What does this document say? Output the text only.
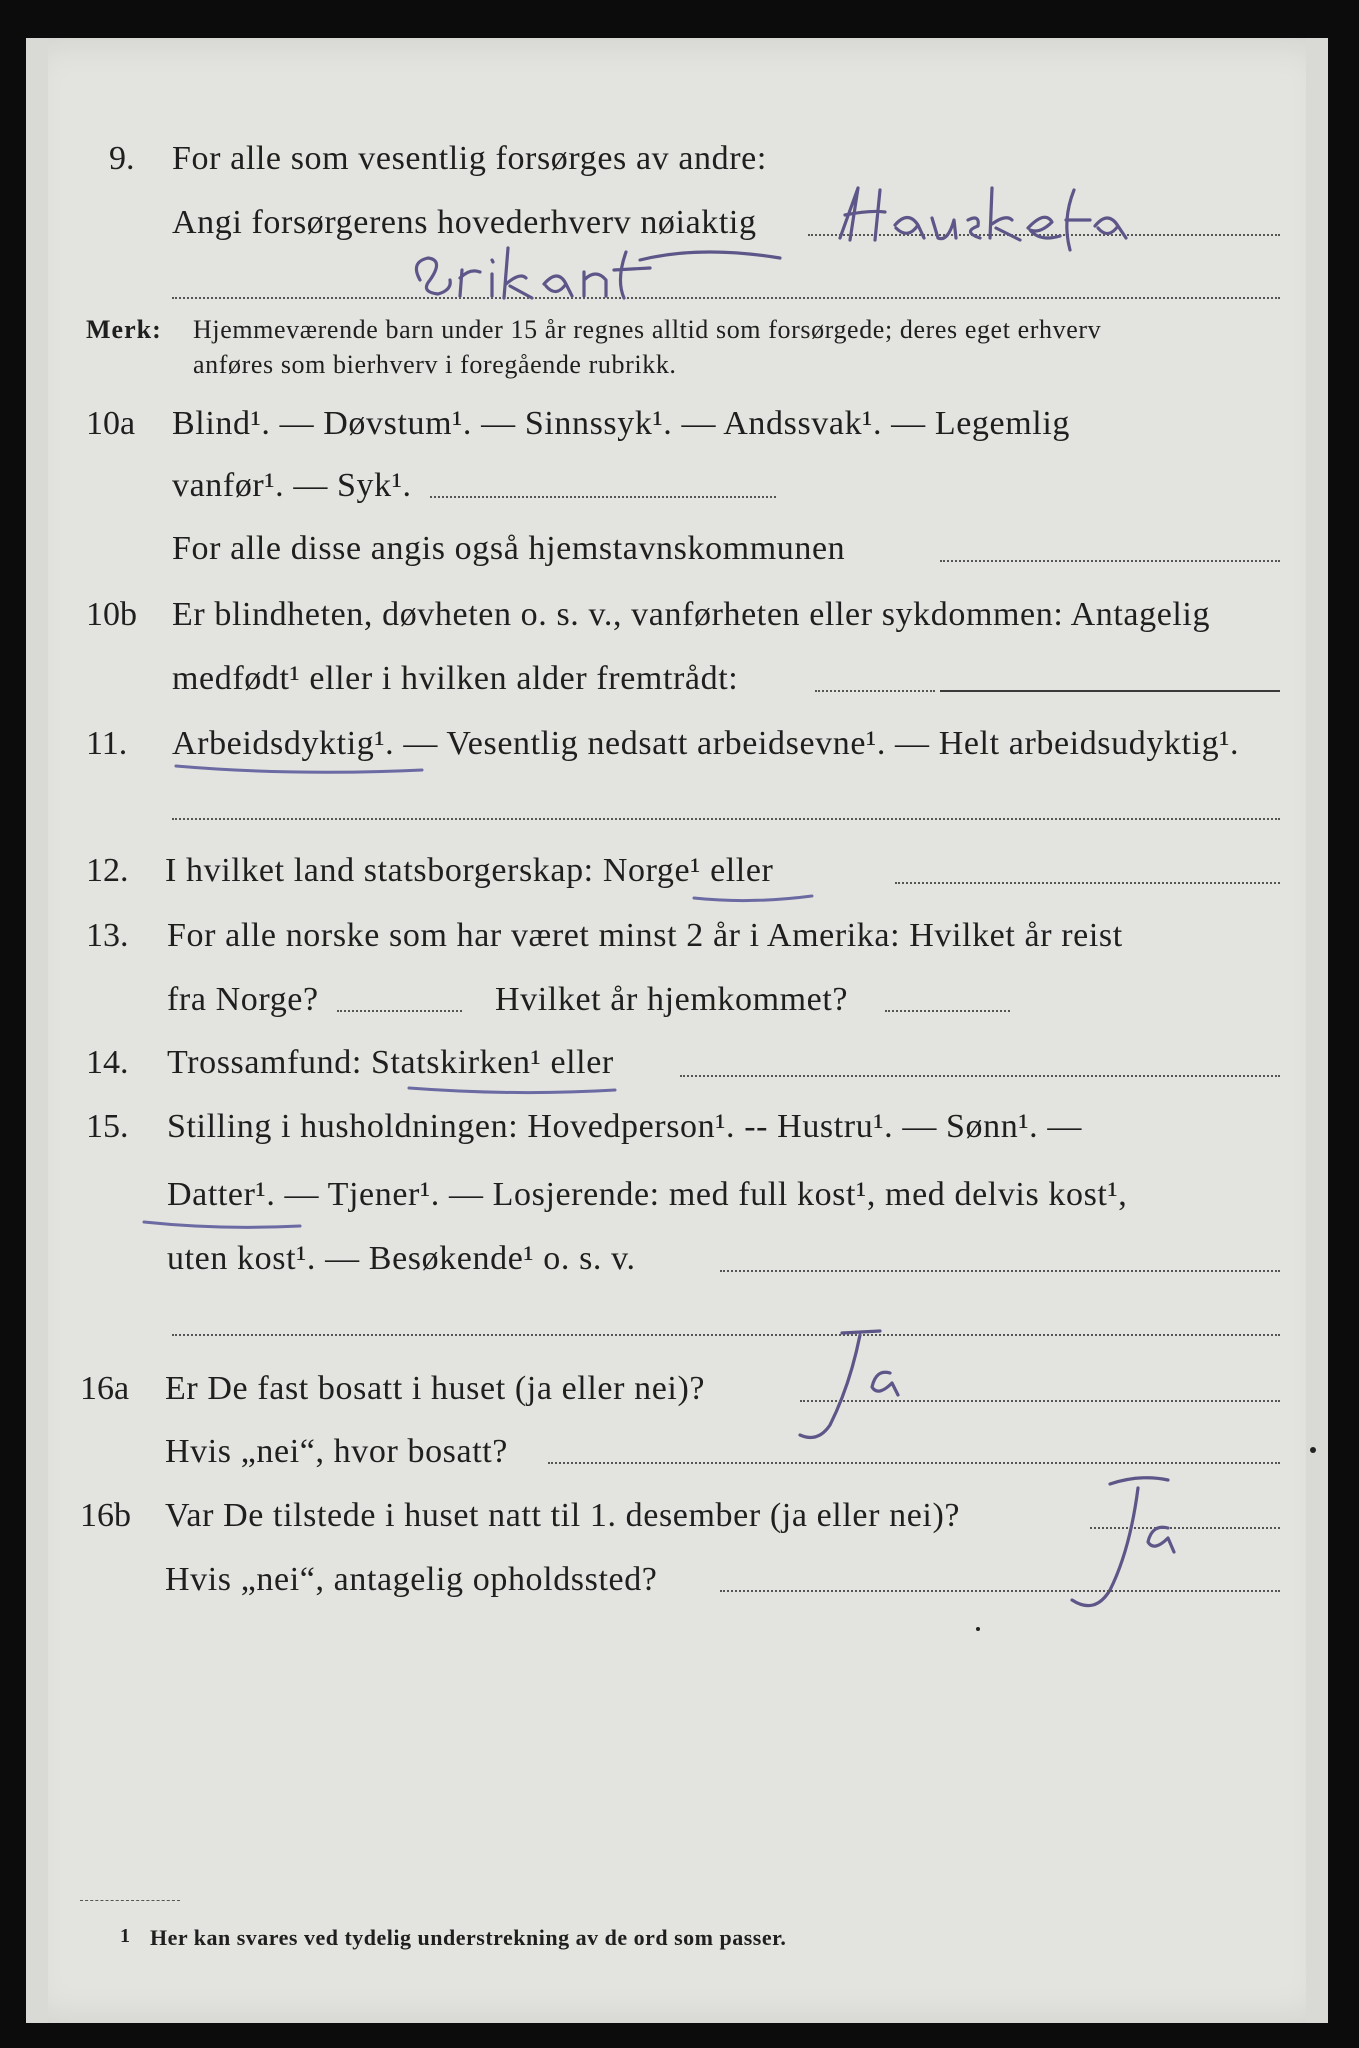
9. For alle som vesentlig forsørges av andre:
Angi forsørgerens hovederhverv nøiaktig
Merk: Hjemmeværende barn under 15 år regnes alltid som forsørgede; deres eget erhverv
anføres som bierhverv i foregående rubrikk.
10a Blind¹. — Døvstum¹. — Sinnssyk¹. — Andssvak¹. — Legemlig
vanfør¹. — Syk¹.
For alle disse angis også hjemstavnskommunen
10b Er blindheten, døvheten o. s. v., vanførheten eller sykdommen: Antagelig
medfødt¹ eller i hvilken alder fremtrådt:
11. Arbeidsdyktig¹. — Vesentlig nedsatt arbeidsevne¹. — Helt arbeidsudyktig¹.
12. I hvilket land statsborgerskap: Norge¹ eller
13. For alle norske som har været minst 2 år i Amerika: Hvilket år reist
fra Norge?	Hvilket år hjemkommet?
14. Trossamfund: Statskirken¹ eller
15. Stilling i husholdningen: Hovedperson¹. -- Hustru¹. — Sønn¹. —
Datter¹. — Tjener¹. — Losjerende: med full kost¹, med delvis kost¹,
uten kost¹. — Besøkende¹ o. s. v.
16a Er De fast bosatt i huset (ja eller nei)?
Hvis „nei“, hvor bosatt?
16b Var De tilstede i huset natt til 1. desember (ja eller nei)?
Hvis „nei“, antagelig opholdssted?
1 Her kan svares ved tydelig understrekning av de ord som passer.
